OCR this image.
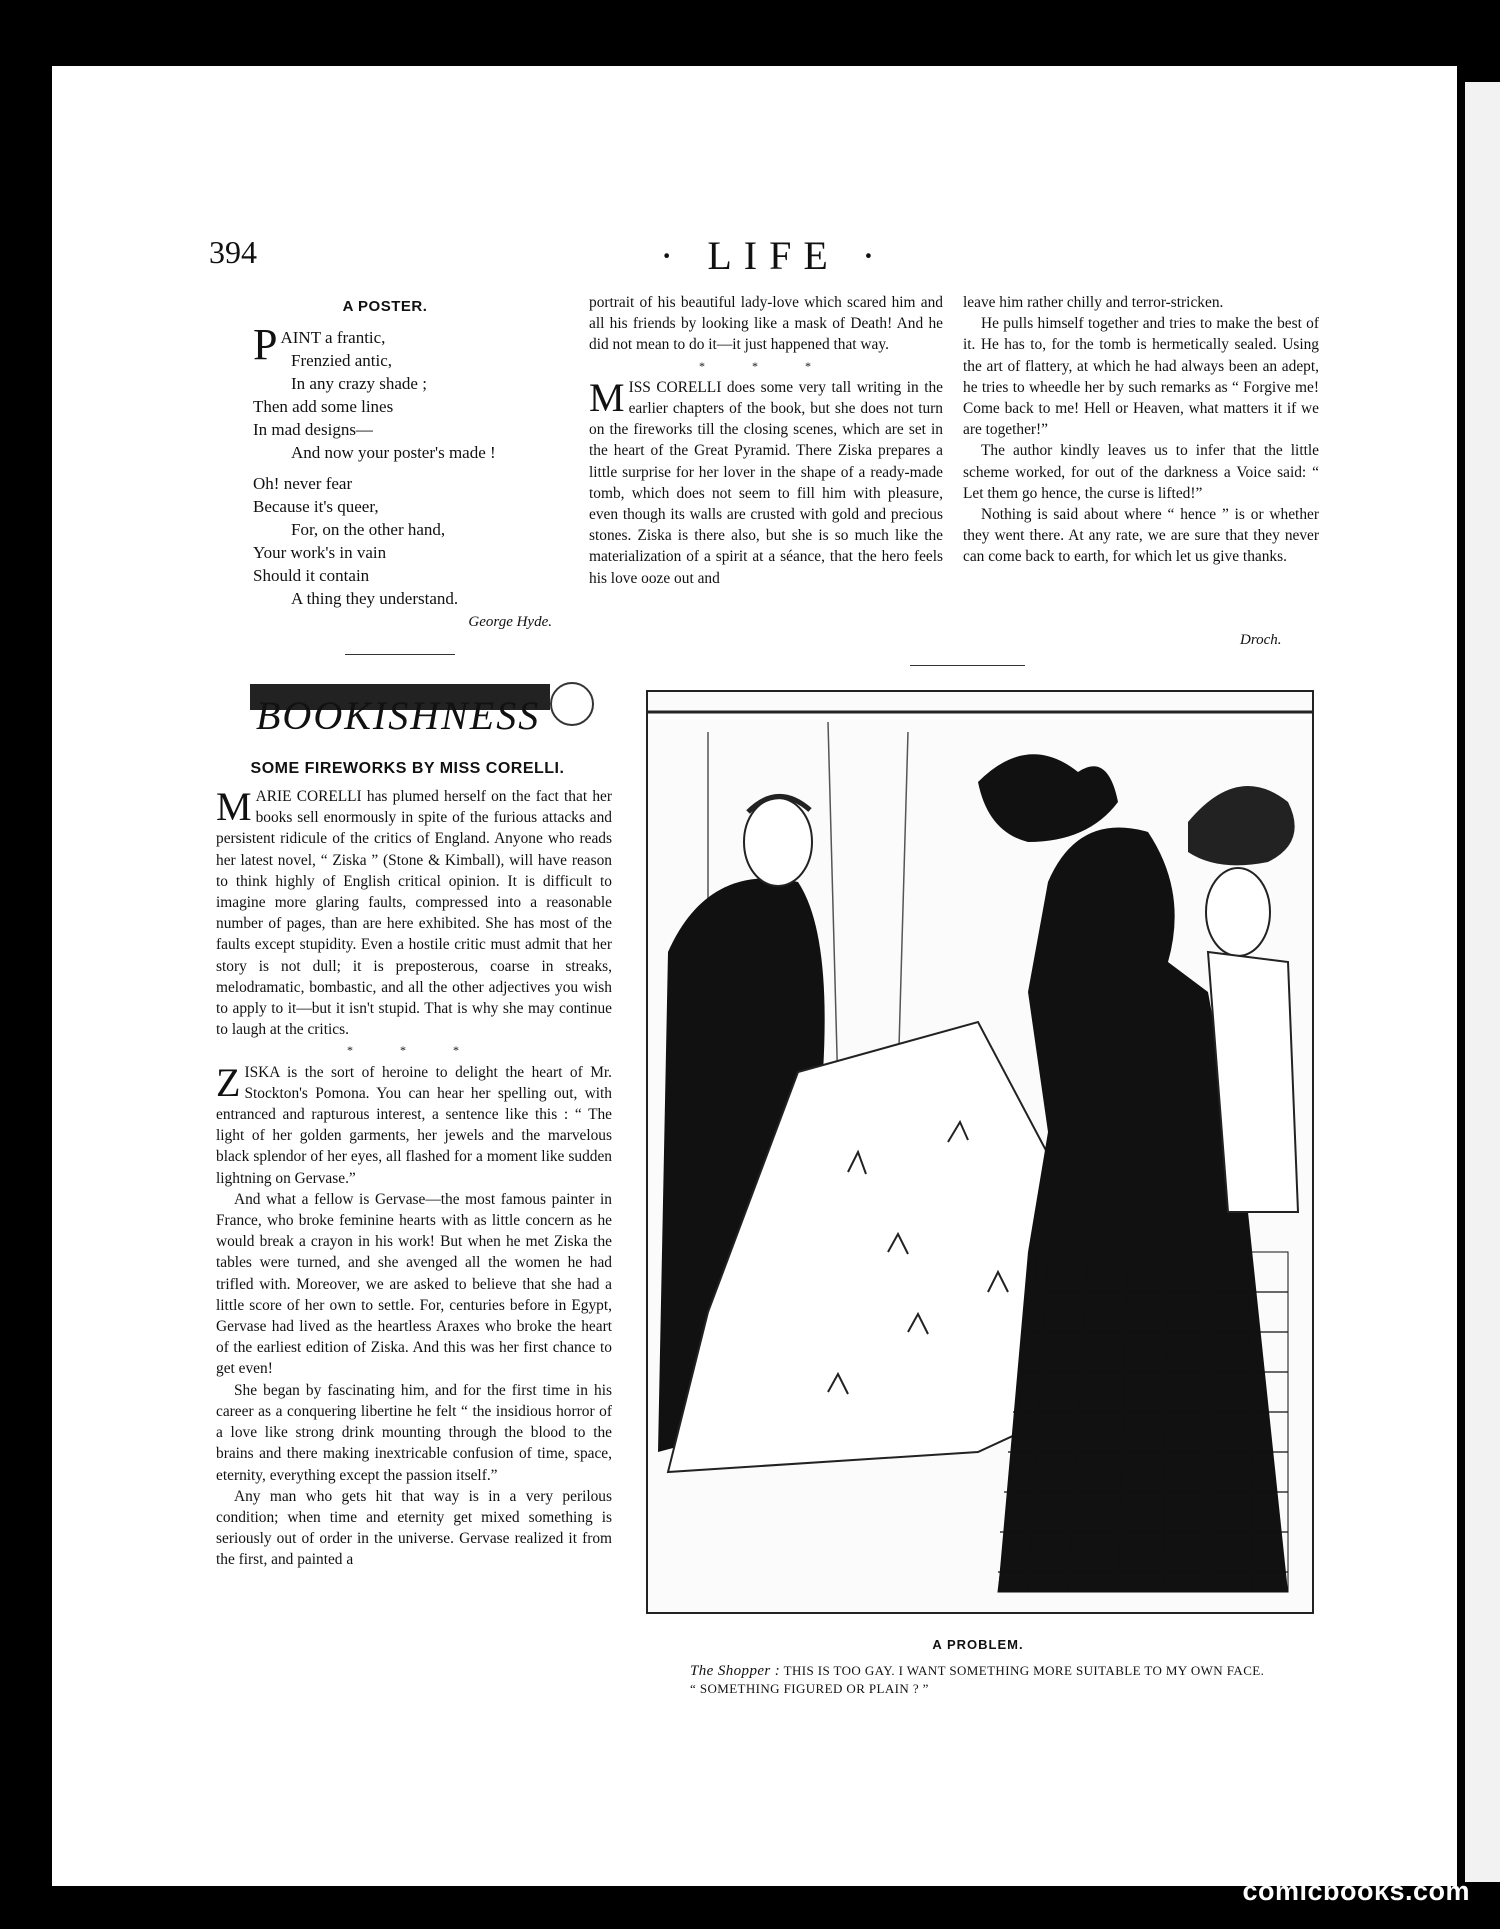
394	· LIFE ·
A POSTER.
P AINT a frantic,
Frenzied antic,
In any crazy shade ;
Then add some lines
In mad designs—
And now your poster's made !
Oh! never fear
Because it's queer,
For, on the other hand,
Your work's in vain
Should it contain
A thing they understand.
George Hyde.
BOOKISHNESS
SOME FIREWORKS BY MISS CORELLI.

MARIE CORELLI has plumed herself on the fact that her books sell enormously in spite of the furious attacks and persistent ridicule of the critics of England. Anyone who reads her latest novel, “ Ziska ” (Stone & Kimball), will have reason to think highly of English critical opinion. It is difficult to imagine more glaring faults, compressed into a reasonable number of pages, than are here exhibited. She has most of the faults except stupidity. Even a hostile critic must admit that her story is not dull; it is preposterous, coarse in streaks, melodramatic, bombastic, and all the other adjectives you wish to apply to it—but it isn't stupid. That is why she may continue to laugh at the critics.

* * *

ZISKA is the sort of heroine to delight the heart of Mr. Stockton's Pomona. You can hear her spelling out, with entranced and rapturous interest, a sentence like this : “ The light of her golden garments, her jewels and the marvelous black splendor of her eyes, all flashed for a moment like sudden lightning on Gervase.”

And what a fellow is Gervase—the most famous painter in France, who broke feminine hearts with as little concern as he would break a crayon in his work! But when he met Ziska the tables were turned, and she avenged all the women he had trifled with. Moreover, we are asked to believe that she had a little score of her own to settle. For, centuries before in Egypt, Gervase had lived as the heartless Araxes who broke the heart of the earliest edition of Ziska. And this was her first chance to get even!

She began by fascinating him, and for the first time in his career as a conquering libertine he felt “ the insidious horror of a love like strong drink mounting through the blood to the brains and there making inextricable confusion of time, space, eternity, everything except the passion itself.”

Any man who gets hit that way is in a very perilous condition; when time and eternity get mixed something is seriously out of order in the universe. Gervase realized it from the first, and painted a

portrait of his beautiful lady-love which scared him and all his friends by looking like a mask of Death! And he did not mean to do it—it just happened that way.

* * *

MISS CORELLI does some very tall writing in the earlier chapters of the book, but she does not turn on the fireworks till the closing scenes, which are set in the heart of the Great Pyramid. There Ziska prepares a little surprise for her lover in the shape of a ready-made tomb, which does not seem to fill him with pleasure, even though its walls are crusted with gold and precious stones. Ziska is there also, but she is so much like the materialization of a spirit at a séance, that the hero feels his love ooze out and

leave him rather chilly and terror-stricken.

He pulls himself together and tries to make the best of it. He has to, for the tomb is hermetically sealed. Using the art of flattery, at which he had always been an adept, he tries to wheedle her by such remarks as “ Forgive me! Come back to me! Hell or Heaven, what matters it if we are together!”

The author kindly leaves us to infer that the little scheme worked, for out of the darkness a Voice said: “ Let them go hence, the curse is lifted!”

Nothing is said about where “ hence ” is or whether they went there. At any rate, we are sure that they never can come back to earth, for which let us give thanks.

Droch.
A PROBLEM.
The Shopper : THIS IS TOO GAY. I WANT SOMETHING MORE SUITABLE TO MY OWN FACE.
“ SOMETHING FIGURED OR PLAIN ? ”
comicbooks.com
